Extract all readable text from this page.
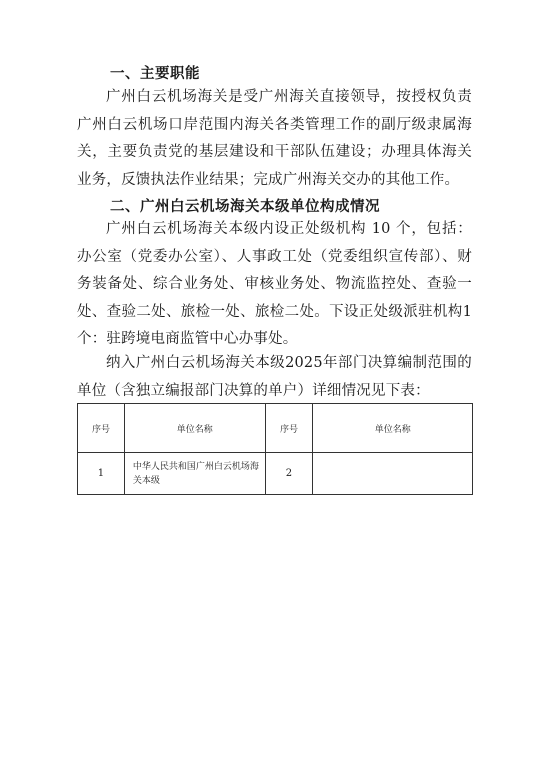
一、主要职能
广州白云机场海关是受广州海关直接领导，按授权负责广州白云机场口岸范围内海关各类管理工作的副厅级隶属海关，主要负责党的基层建设和干部队伍建设；办理具体海关业务，反馈执法作业结果；完成广州海关交办的其他工作。
二、广州白云机场海关本级单位构成情况
广州白云机场海关本级内设正处级机构 10 个，包括：办公室（党委办公室）、人事政工处（党委组织宣传部）、财务装备处、综合业务处、审核业务处、物流监控处、查验一处、查验二处、旅检一处、旅检二处。下设正处级派驻机构1个：驻跨境电商监管中心办事处。
纳入广州白云机场海关本级2025年部门决算编制范围的单位（含独立编报部门决算的单户）详细情况见下表：
序号	单位名称	序号	单位名称
1	中华人民共和国广州白云机场海关本级	2	
